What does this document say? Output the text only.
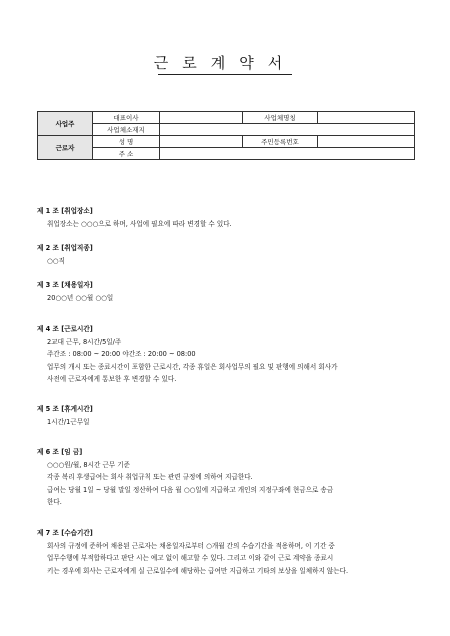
근로계약서
사업주	대표이사		사업체명칭	
	사업체소재지			
근로자	성 명		주민등록번호	
	주 소			
제 1 조 [취업장소]
취업장소는 ○○○으로 하며, 사업에 필요에 따라 변경할 수 있다.
제 2 조 [취업직종]
○○직
제 3 조 [채용일자]
20○○년 ○○월 ○○일
제 4 조 [근로시간]
2교대 근무, 8시간/5일/주
주간조 : 08:00 ~ 20:00 야간조 : 20:00 ~ 08:00
업무의 개시 또는 종료시간이 포함한 근로시간, 각종 휴일은 회사업무의 필요 및 판행에 의해서 회사가
사전에 근로자에게 통보한 후 변경할 수 있다.
제 5 조 [휴게시간]
1시간/1근무일
제 6 조 [임 금]
○○○원/월, 8시간 근무 기준
각종 복리 후생급여는 회사 취업규칙 또는 관련 규정에 의하여 지급한다.
급여는 당월 1일 ~ 당월 말일 정산하여 다음 월 ○○일에 지급하고 개인의 지정구좌에 현금으로 송금
한다.
제 7 조 [수습기간]
회사의 규정에 준하여 채용된 근로자는 채용일자로부터 ○개월 간의 수습기간을 적용하며, 이 기간 중
업무수행에 부적합하다고 판단 시는 예고 없이 해고할 수 있다. 그리고 이와 같이 근로 계약을 종료시
키는 경우에 회사는 근로자에게 실 근로일수에 해당하는 급여만 지급하고 기타의 보상을 일체하지 않는다.
